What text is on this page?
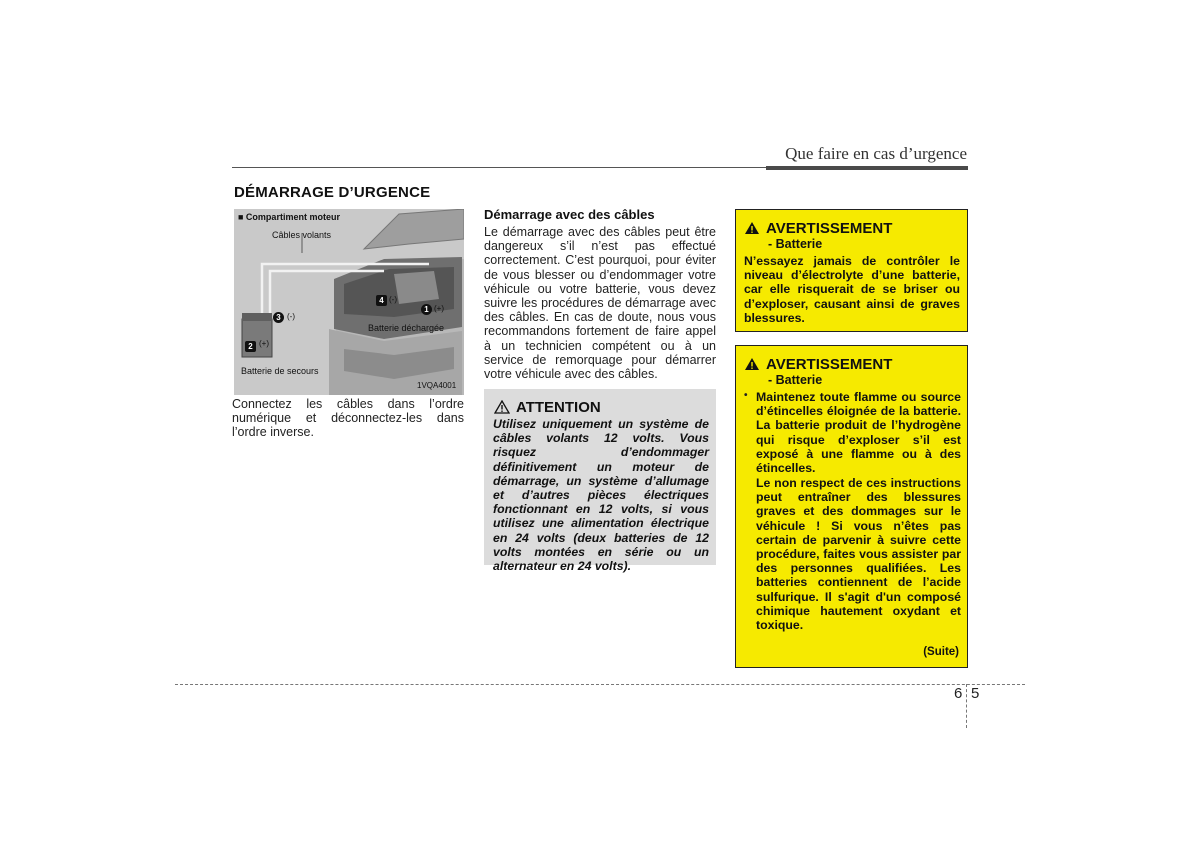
Que faire en cas d’urgence
DÉMARRAGE D’URGENCE
■ Compartiment moteur
Câbles volants
Batterie déchargée
Batterie de secours
1VQA4001
1 (+)
2 (+)
3 (-)
4 (-)
Connectez les câbles dans l’ordre numérique et déconnectez-les dans l’ordre inverse.
Démarrage avec des câbles
Le démarrage avec des câbles peut être dangereux s’il n’est pas effectué correctement. C’est pourquoi, pour éviter de vous blesser ou d’endommager votre véhicule ou votre batterie, vous devez suivre les procédures de démarrage avec des câbles. En cas de doute, nous vous recommandons fortement de faire appel à un technicien compétent ou à un service de remorquage pour démarrer votre véhicule avec des câbles.
ATTENTION
Utilisez uniquement un système de câbles volants 12 volts. Vous risquez d’endommager définitivement un moteur de démarrage, un système d’allumage et d’autres pièces électriques fonctionnant en 12 volts, si vous utilisez une alimentation électrique en 24 volts (deux batteries de 12 volts montées en série ou un alternateur en 24 volts).
AVERTISSEMENT
- Batterie
N’essayez jamais de contrôler le niveau d’électrolyte d’une batterie, car elle risquerait de se briser ou d’exploser, causant ainsi de graves blessures.
AVERTISSEMENT
- Batterie
• Maintenez toute flamme ou source d’étincelles éloignée de la batterie. La batterie produit de l’hydrogène qui risque d’exploser s’il est exposé à une flamme ou à des étincelles.
Le non respect de ces instructions peut entraîner des blessures graves et des dommages sur le véhicule ! Si vous n’êtes pas certain de parvenir à suivre cette procédure, faites vous assister par des personnes qualifiées. Les batteries contiennent de l’acide sulfurique. Il s'agit d'un composé chimique hautement oxydant et toxique.
(Suite)
6 5
